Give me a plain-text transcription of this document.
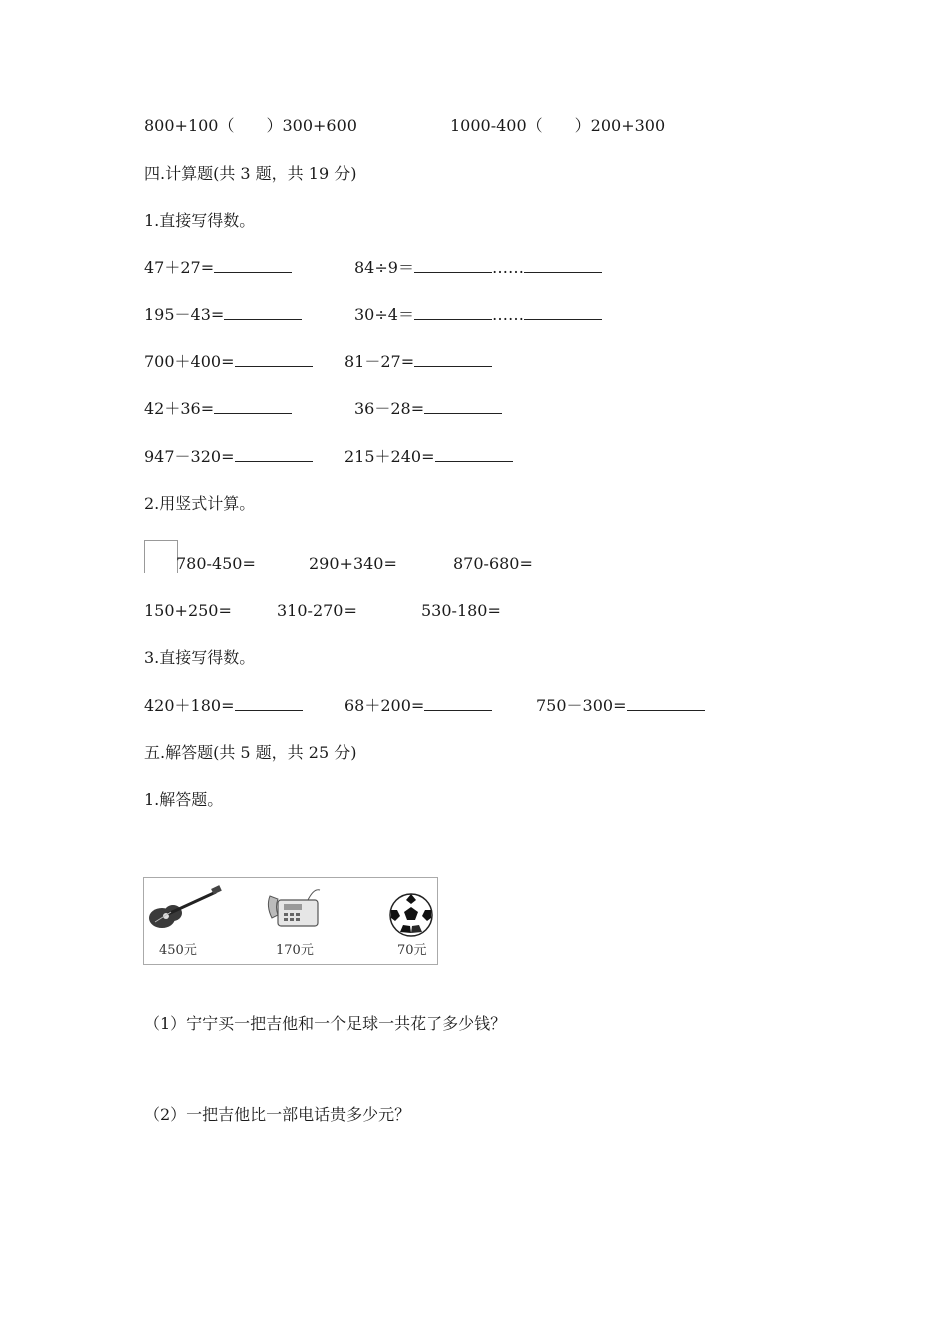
800+100（　　）300+600	1000-400（　　）200+300
四.计算题(共 3 题，共 19 分)
1.直接写得数。
47＋27=	84÷9＝	……
195－43=	30÷4＝	……
700＋400=	81－27=
42＋36=	36－28=
947－320=	215＋240=
2.用竖式计算。
780-450=	290+340=	870-680=
150+250=	310-270=	530-180=
3.直接写得数。
420＋180=	68＋200=	750－300=
五.解答题(共 5 题，共 25 分)
1.解答题。
450元	170元	70元
（1）宁宁买一把吉他和一个足球一共花了多少钱？
（2）一把吉他比一部电话贵多少元？
